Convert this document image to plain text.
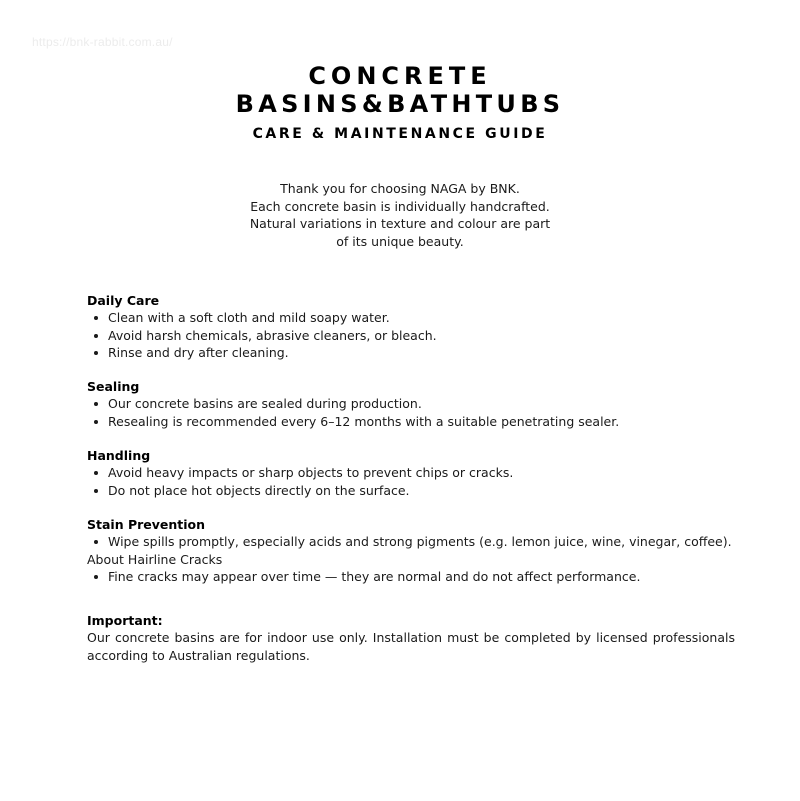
https://bnk-rabbit.com.au/
CONCRETE
BASINS&BATHTUBS
CARE & MAINTENANCE GUIDE
Thank you for choosing NAGA by BNK.
Each concrete basin is individually handcrafted.
Natural variations in texture and colour are part
of its unique beauty.
Daily Care
Clean with a soft cloth and mild soapy water.
Avoid harsh chemicals, abrasive cleaners, or bleach.
Rinse and dry after cleaning.
Sealing
Our concrete basins are sealed during production.
Resealing is recommended every 6–12 months with a suitable penetrating sealer.
Handling
Avoid heavy impacts or sharp objects to prevent chips or cracks.
Do not place hot objects directly on the surface.
Stain Prevention
Wipe spills promptly, especially acids and strong pigments (e.g. lemon juice, wine, vinegar, coffee).
About Hairline Cracks
Fine cracks may appear over time — they are normal and do not affect performance.
Important:
Our concrete basins are for indoor use only. Installation must be completed by licensed professionals according to Australian regulations.
